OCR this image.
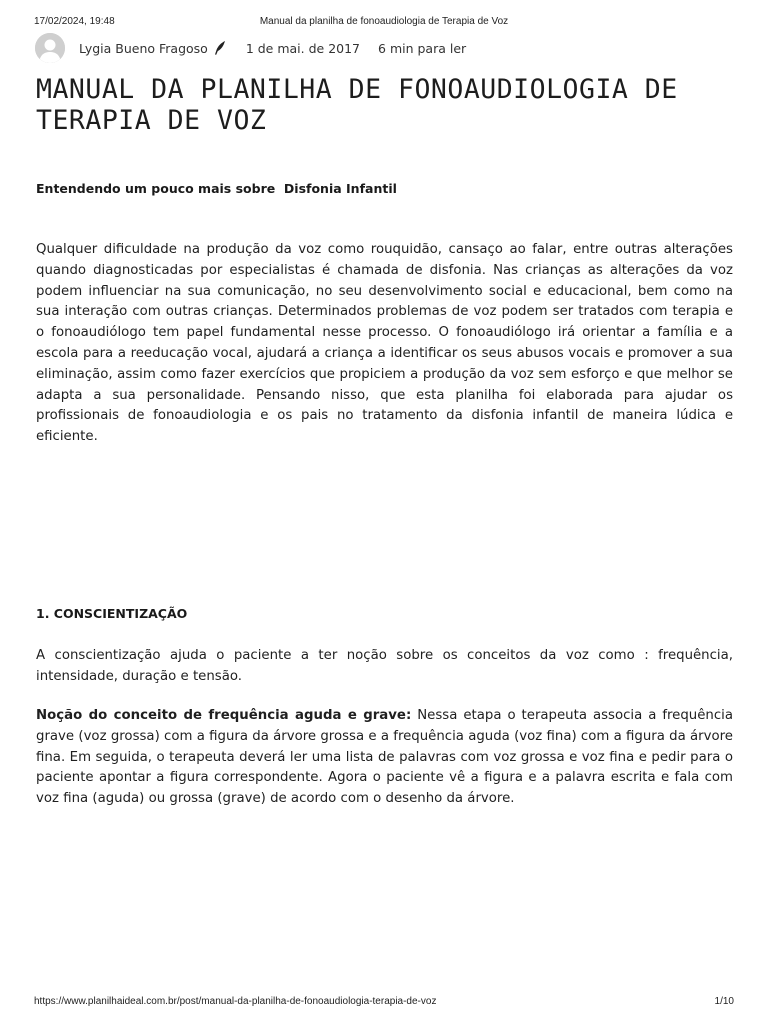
17/02/2024, 19:48	Manual da planilha de fonoaudiologia de Terapia de Voz
Lygia Bueno Fragoso	1 de mai. de 2017 6 min para ler
MANUAL DA PLANILHA DE FONOAUDIOLOGIA DE TERAPIA DE VOZ

Entendendo um pouco mais sobre  Disfonia Infantil

Qualquer dificuldade na produção da voz como rouquidão, cansaço ao falar, entre outras alterações quando diagnosticadas por especialistas é chamada de disfonia. Nas crianças as alterações da voz podem influenciar na sua comunicação, no seu desenvolvimento social e educacional, bem como na sua interação com outras crianças. Determinados problemas de voz podem ser tratados com terapia e o fonoaudiólogo tem papel fundamental nesse processo. O fonoaudiólogo irá orientar a família e a escola para a reeducação vocal, ajudará a criança a identificar os seus abusos vocais e promover a sua eliminação, assim como fazer exercícios que propiciem a produção da voz sem esforço e que melhor se adapta a sua personalidade. Pensando nisso, que esta planilha foi elaborada para ajudar os profissionais de fonoaudiologia e os pais no tratamento da disfonia infantil de maneira lúdica e eficiente.

1. CONSCIENTIZAÇÃO

A conscientização ajuda o paciente a ter noção sobre os conceitos da voz como : frequência, intensidade, duração e tensão.

Noção do conceito de frequência aguda e grave: Nessa etapa o terapeuta associa a frequência grave (voz grossa) com a figura da árvore grossa e a frequência aguda (voz fina) com a figura da árvore fina. Em seguida, o terapeuta deverá ler uma lista de palavras com voz grossa e voz fina e pedir para o paciente apontar a figura correspondente. Agora o paciente vê a figura e a palavra escrita e fala com voz fina (aguda) ou grossa (grave) de acordo com o desenho da árvore.

https://www.planilhaideal.com.br/post/manual-da-planilha-de-fonoaudiologia-terapia-de-voz	1/10
